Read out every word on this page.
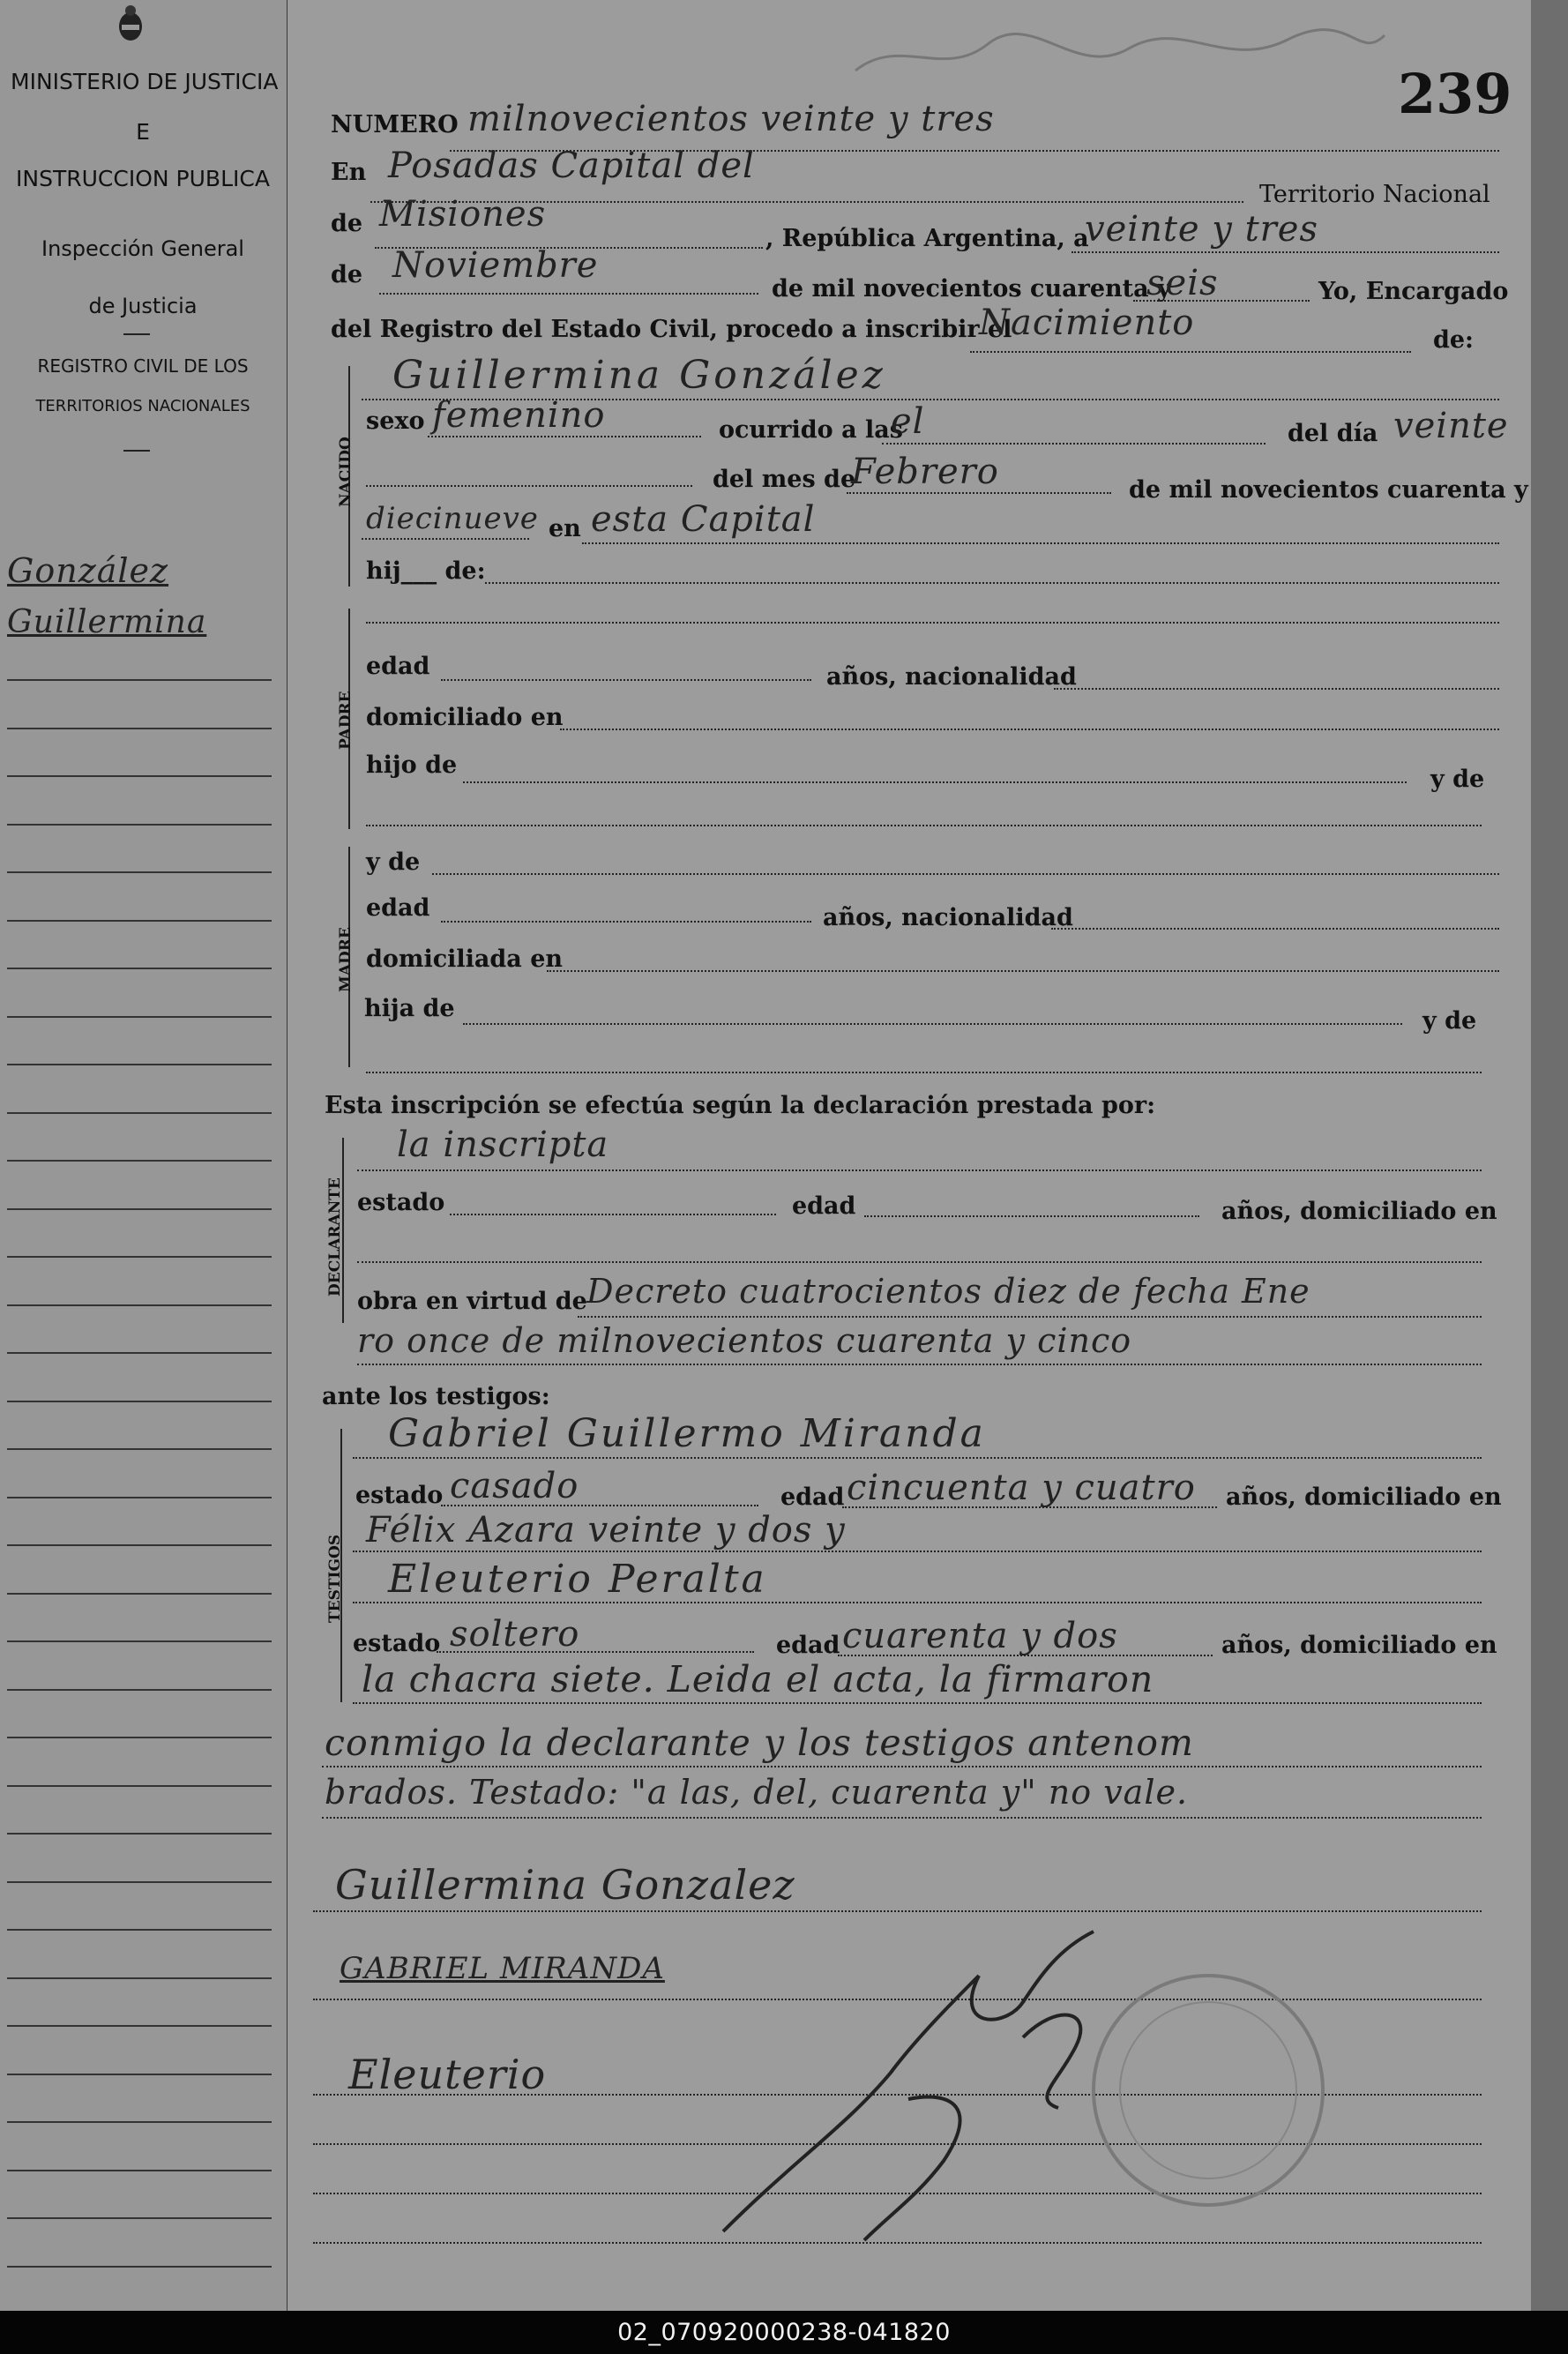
MINISTERIO DE JUSTICIA
E
INSTRUCCION PUBLICA
Inspección General
de Justicia
REGISTRO CIVIL DE LOS
TERRITORIOS NACIONALES
González
Guillermina
239
NUMERO milnovecientos veinte y tres
En Posadas Capital del
Territorio Nacional
de Misiones
, República Argentina, a
veinte y tres
de Noviembre
de mil novecientos cuarenta y
seis	Yo, Encargado
del Registro del Estado Civil, procedo a inscribir el
Nacimiento	de:
NACIDO
Guillermina González
sexo femenino	ocurrido a las
el	del día veinte
del mes de
Febrero	de mil novecientos cuarenta y
diecinueve en esta Capital
hij___ de:
PADRE
edad	años, nacionalidad
domiciliado en
hijo de
y de
MADRE
y de
edad	años, nacionalidad
domiciliada en
hija de	y de
Esta inscripción se efectúa según la declaración prestada por:
DECLARANTE
la inscripta
estado	edad	años, domiciliado en
obra en virtud de Decreto cuatrocientos diez de fecha Ene
ro once de milnovecientos cuarenta y cinco
ante los testigos:
TESTIGOS
Gabriel Guillermo Miranda
estado casado	edad cincuenta y cuatro años, domiciliado en
Félix Azara veinte y dos y
Eleuterio Peralta
estado soltero	edad cuarenta y dos	años, domiciliado en
la chacra siete. Leida el acta, la firmaron
conmigo la declarante y los testigos antenom
brados. Testado: "a las, del, cuarenta y" no vale.
Guillermina Gonzalez
GABRIEL MIRANDA
Eleuterio
02_070920000238-041820
